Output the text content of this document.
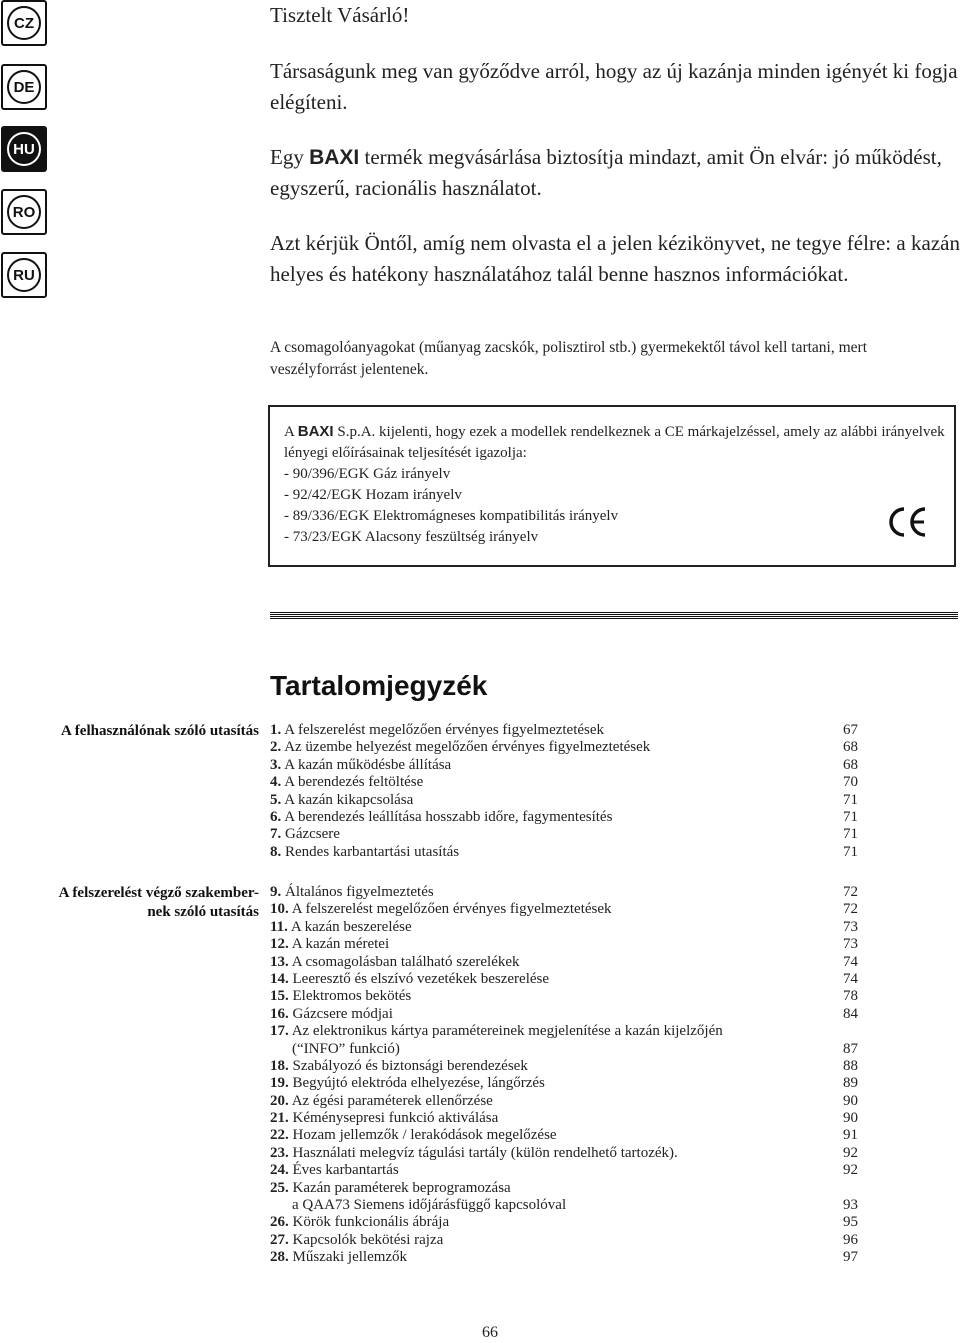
CZ
DE
HU
RO
RU

Tisztelt Vásárló!

Társaságunk meg van győződve arról, hogy az új kazánja minden igényét ki fogja elégíteni.

Egy BAXI termék megvásárlása biztosítja mindazt, amit Ön elvár: jó működést, egyszerű, racionális használatot.

Azt kérjük Öntől, amíg nem olvasta el a jelen kézikönyvet, ne tegye félre: a kazán helyes és hatékony használatához talál benne hasznos információkat.

A csomagolóanyagokat (műanyag zacskók, polisztirol stb.) gyermekektől távol kell tartani, mert veszélyforrást jelentenek.
A BAXI S.p.A. kijelenti, hogy ezek a modellek rendelkeznek a CE márkajelzéssel, amely az alábbi irányelvek lényegi előírásainak teljesítését igazolja:
- 90/396/EGK Gáz irányelv
- 92/42/EGK Hozam irányelv
- 89/336/EGK Elektromágneses kompatibilitás irányelv
- 73/23/EGK Alacsony feszültség irányelv
Tartalomjegyzék
A felhasználónak szóló utasítás 1. A felszerelést megelőzően érvényes figyelmeztetések	67
2. Az üzembe helyezést megelőzően érvényes figyelmeztetések	68
3. A kazán működésbe állítása	68
4. A berendezés feltöltése	70
5. A kazán kikapcsolása	71
6. A berendezés leállítása hosszabb időre, fagymentesítés	71
7. Gázcsere	71
8. Rendes karbantartási utasítás	71
A felszerelést végző szakember-
nek szóló utasítás
9. Általános figyelmeztetés	72
10. A felszerelést megelőzően érvényes figyelmeztetések	72
11. A kazán beszerelése	73
12. A kazán méretei	73
13. A csomagolásban található szerelékek	74
14. Leeresztő és elszívó vezetékek beszerelése	74
15. Elektromos bekötés	78
16. Gázcsere módjai	84
17. Az elektronikus kártya paramétereinek megjelenítése a kazán kijelzőjén
(“INFO” funkció)	87
18. Szabályozó és biztonsági berendezések	88
19. Begyújtó elektróda elhelyezése, lángőrzés	89
20. Az égési paraméterek ellenőrzése	90
21. Kéménysepresi funkció aktiválása	90
22. Hozam jellemzők / lerakódások megelőzése	91
23. Használati melegvíz tágulási tartály (külön rendelhető tartozék).	92
24. Éves karbantartás	92
25. Kazán paraméterek beprogramozása
a QAA73 Siemens időjárásfüggő kapcsolóval	93
26. Körök funkcionális ábrája	95
27. Kapcsolók bekötési rajza	96
28. Műszaki jellemzők	97
66
